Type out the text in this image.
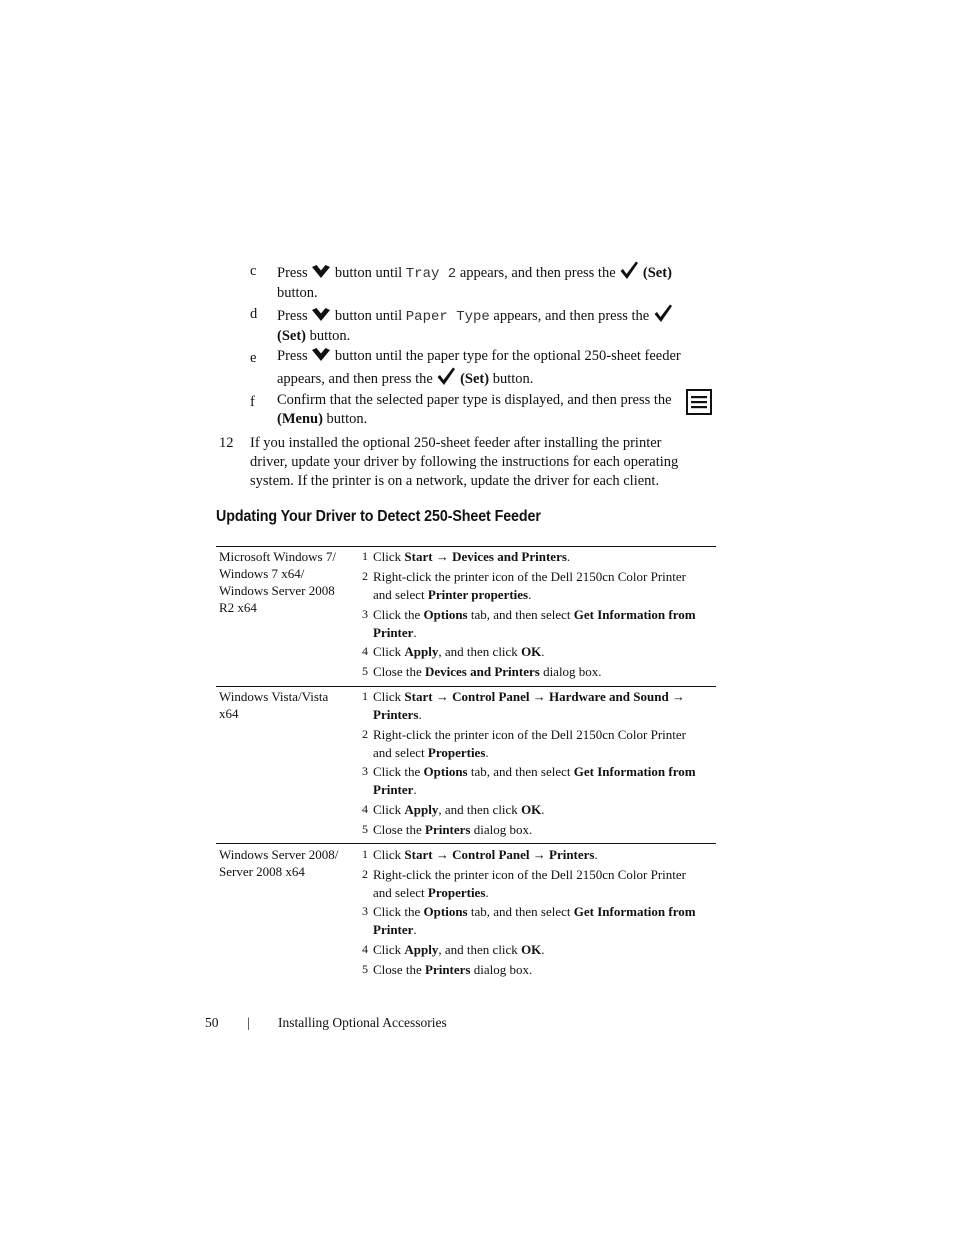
c	Press button until Tray 2 appears, and then press the (Set)
button.
d	Press button until Paper Type appears, and then press the
(Set) button.
e	Press button until the paper type for the optional 250-sheet feeder
appears, and then press the (Set) button.
f	Confirm that the selected paper type is displayed, and then press the
(Menu) button.
12 If you installed the optional 250-sheet feeder after installing the printer
driver, update your driver by following the instructions for each operating
system. If the printer is on a network, update the driver for each client.
Updating Your Driver to Detect 250-Sheet Feeder
Microsoft Windows 7/
Windows 7 x64/
Windows Server 2008
R2 x64
1 Click Start → Devices and Printers.
2 Right-click the printer icon of the Dell 2150cn Color Printer
and select Printer properties.
3 Click the Options tab, and then select Get Information from
Printer.
4 Click Apply, and then click OK.
5 Close the Devices and Printers dialog box.
Windows Vista/Vista
x64
1 Click Start → Control Panel → Hardware and Sound →
Printers.
2 Right-click the printer icon of the Dell 2150cn Color Printer
and select Properties.
3 Click the Options tab, and then select Get Information from
Printer.
4 Click Apply, and then click OK.
5 Close the Printers dialog box.
Windows Server 2008/
Server 2008 x64
1 Click Start → Control Panel → Printers.
2 Right-click the printer icon of the Dell 2150cn Color Printer
and select Properties.
3 Click the Options tab, and then select Get Information from
Printer.
4 Click Apply, and then click OK.
5 Close the Printers dialog box.
50 | Installing Optional Accessories
